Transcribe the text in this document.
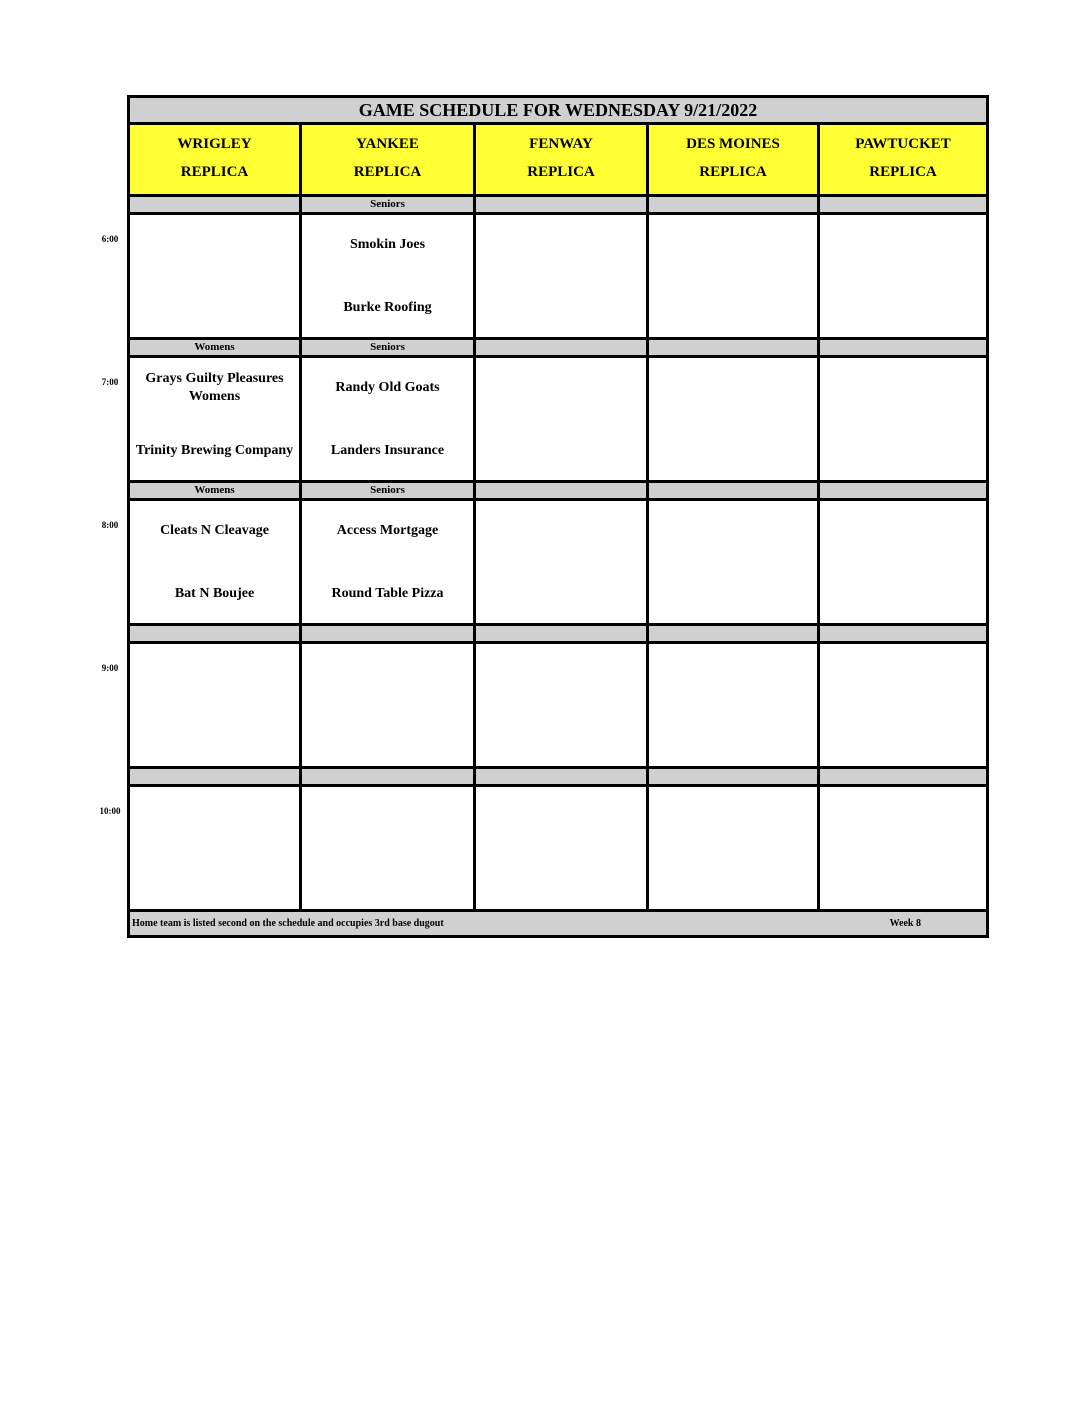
6:00
7:00
8:00
9:00
10:00
GAME SCHEDULE FOR WEDNESDAY 9/21/2022
WRIGLEY
REPLICA
YANKEE
REPLICA
FENWAY
REPLICA
DES MOINES
REPLICA
PAWTUCKET
REPLICA
Seniors
Smokin Joes
Burke Roofing
Womens
Grays Guilty Pleasures Womens
Trinity Brewing Company
Seniors
Randy Old Goats
Landers Insurance
Womens
Cleats N Cleavage
Bat N Boujee
Seniors
Access Mortgage
Round Table Pizza
Home team is listed second on the schedule and occupies 3rd base dugout	Week 8
